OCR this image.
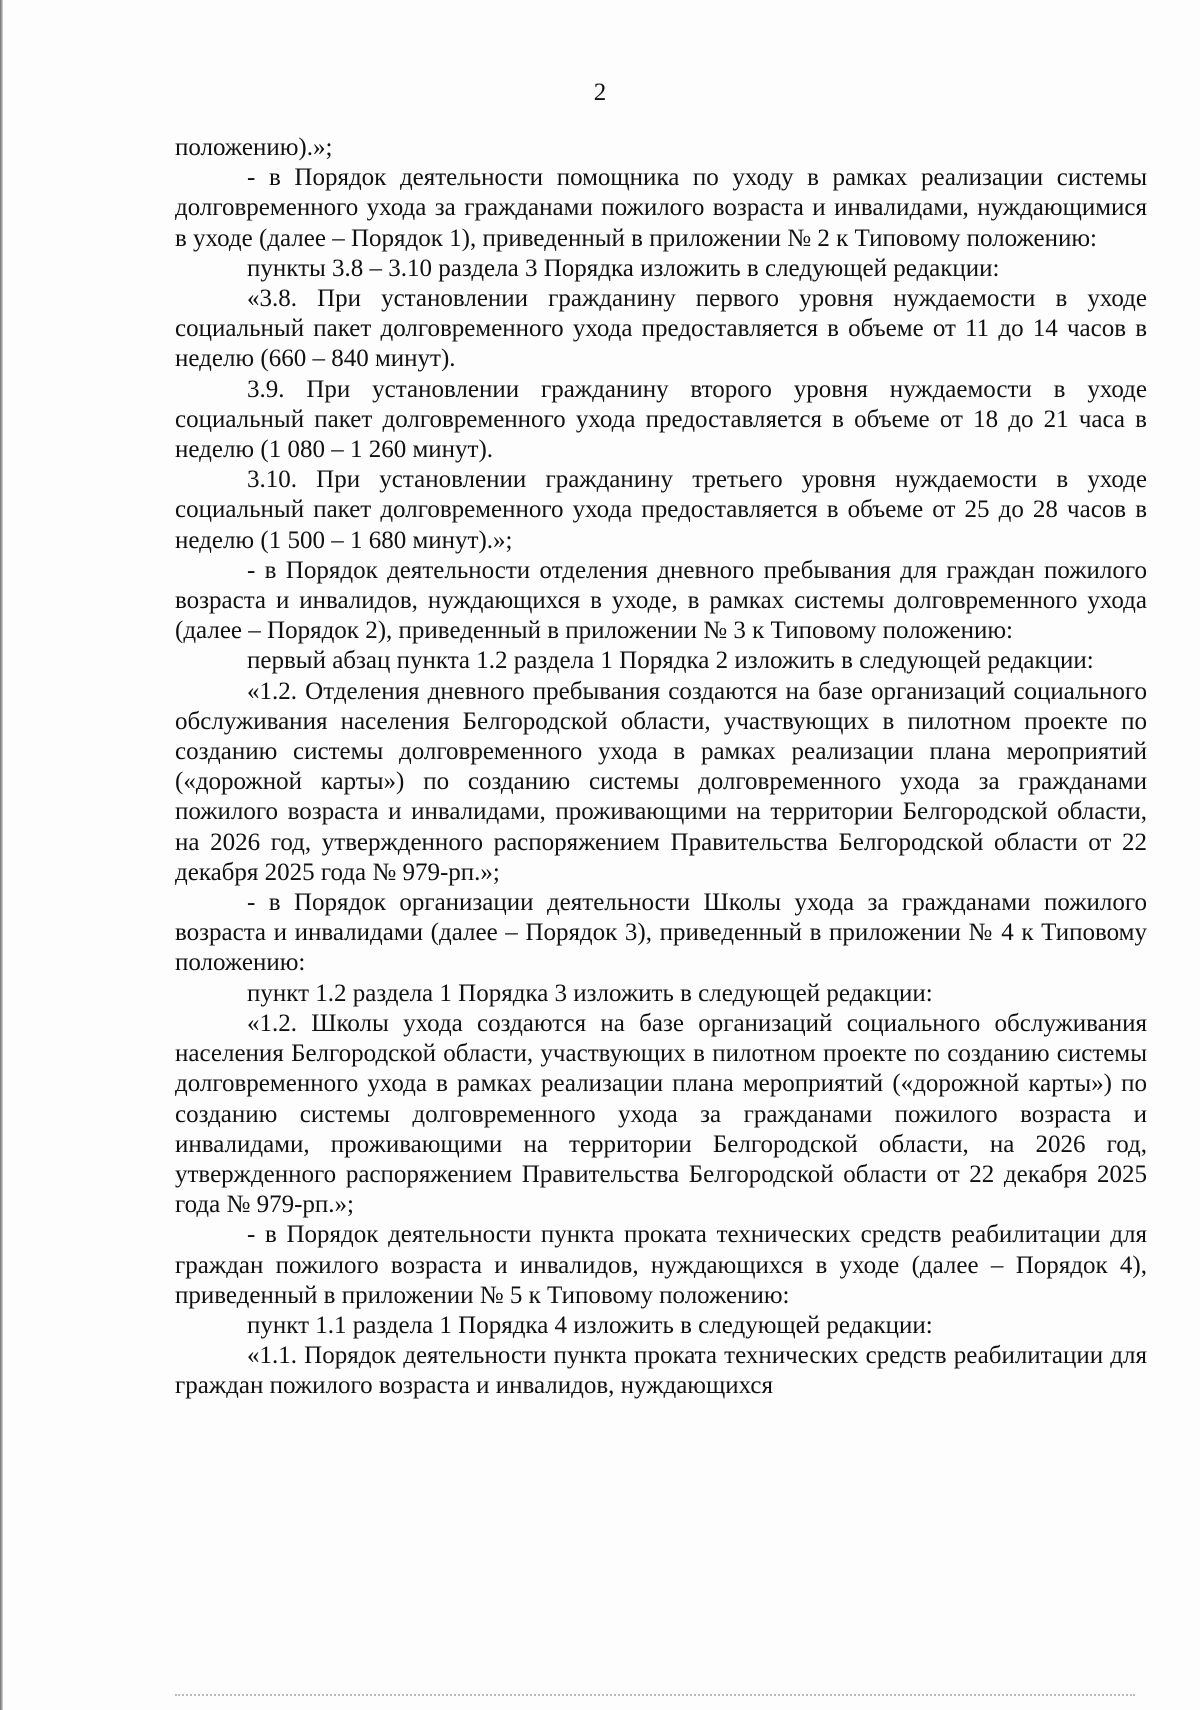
2

положению).»;

- в Порядок деятельности помощника по уходу в рамках реализации системы долговременного ухода за гражданами пожилого возраста и инвалидами, нуждающимися в уходе (далее – Порядок 1), приведенный в приложении № 2 к Типовому положению:

пункты 3.8 – 3.10 раздела 3 Порядка изложить в следующей редакции:

«3.8. При установлении гражданину первого уровня нуждаемости в уходе социальный пакет долговременного ухода предоставляется в объеме от 11 до 14 часов в неделю (660 – 840 минут).

3.9. При установлении гражданину второго уровня нуждаемости в уходе социальный пакет долговременного ухода предоставляется в объеме от 18 до 21 часа в неделю (1 080 – 1 260 минут).

3.10. При установлении гражданину третьего уровня нуждаемости в уходе социальный пакет долговременного ухода предоставляется в объеме от 25 до 28 часов в неделю (1 500 – 1 680 минут).»;

- в Порядок деятельности отделения дневного пребывания для граждан пожилого возраста и инвалидов, нуждающихся в уходе, в рамках системы долговременного ухода (далее – Порядок 2), приведенный в приложении № 3 к Типовому положению:

первый абзац пункта 1.2 раздела 1 Порядка 2 изложить в следующей редакции:

«1.2. Отделения дневного пребывания создаются на базе организаций социального обслуживания населения Белгородской области, участвующих в пилотном проекте по созданию системы долговременного ухода в рамках реализации плана мероприятий («дорожной карты») по созданию системы долговременного ухода за гражданами пожилого возраста и инвалидами, проживающими на территории Белгородской области, на 2026 год, утвержденного распоряжением Правительства Белгородской области от 22 декабря 2025 года № 979-рп.»;

- в Порядок организации деятельности Школы ухода за гражданами пожилого возраста и инвалидами (далее – Порядок 3), приведенный в приложении № 4 к Типовому положению:

пункт 1.2 раздела 1 Порядка 3 изложить в следующей редакции:

«1.2. Школы ухода создаются на базе организаций социального обслуживания населения Белгородской области, участвующих в пилотном проекте по созданию системы долговременного ухода в рамках реализации плана мероприятий («дорожной карты») по созданию системы долговременного ухода за гражданами пожилого возраста и инвалидами, проживающими на территории Белгородской области, на 2026 год, утвержденного распоряжением Правительства Белгородской области от 22 декабря 2025 года № 979-рп.»;

- в Порядок деятельности пункта проката технических средств реабилитации для граждан пожилого возраста и инвалидов, нуждающихся в уходе (далее – Порядок 4), приведенный в приложении № 5 к Типовому положению:

пункт 1.1 раздела 1 Порядка 4 изложить в следующей редакции:

«1.1. Порядок деятельности пункта проката технических средств реабилитации для граждан пожилого возраста и инвалидов, нуждающихся
